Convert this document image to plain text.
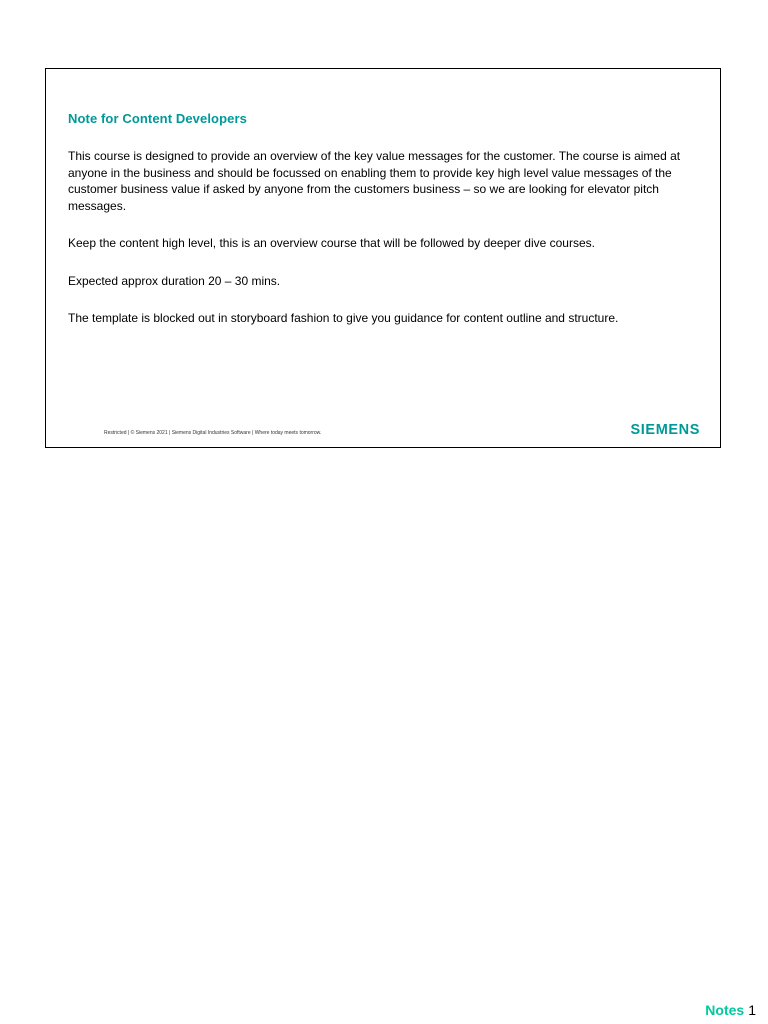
Note for Content Developers

This course is designed to provide an overview of the key value messages for the customer. The course is aimed at anyone in the business and should be focussed on enabling them to provide key high level value messages of the customer business value if asked by anyone from the customers business – so we are looking for elevator pitch messages.

Keep the content high level, this is an overview course that will be followed by deeper dive courses.

Expected approx duration 20 – 30 mins.

The template is blocked out in storyboard fashion to give you guidance for content outline and structure.

Restricted | © Siemens 2021 | Siemens Digital Industries Software | Where today meets tomorrow.	SIEMENS
Notes 1
